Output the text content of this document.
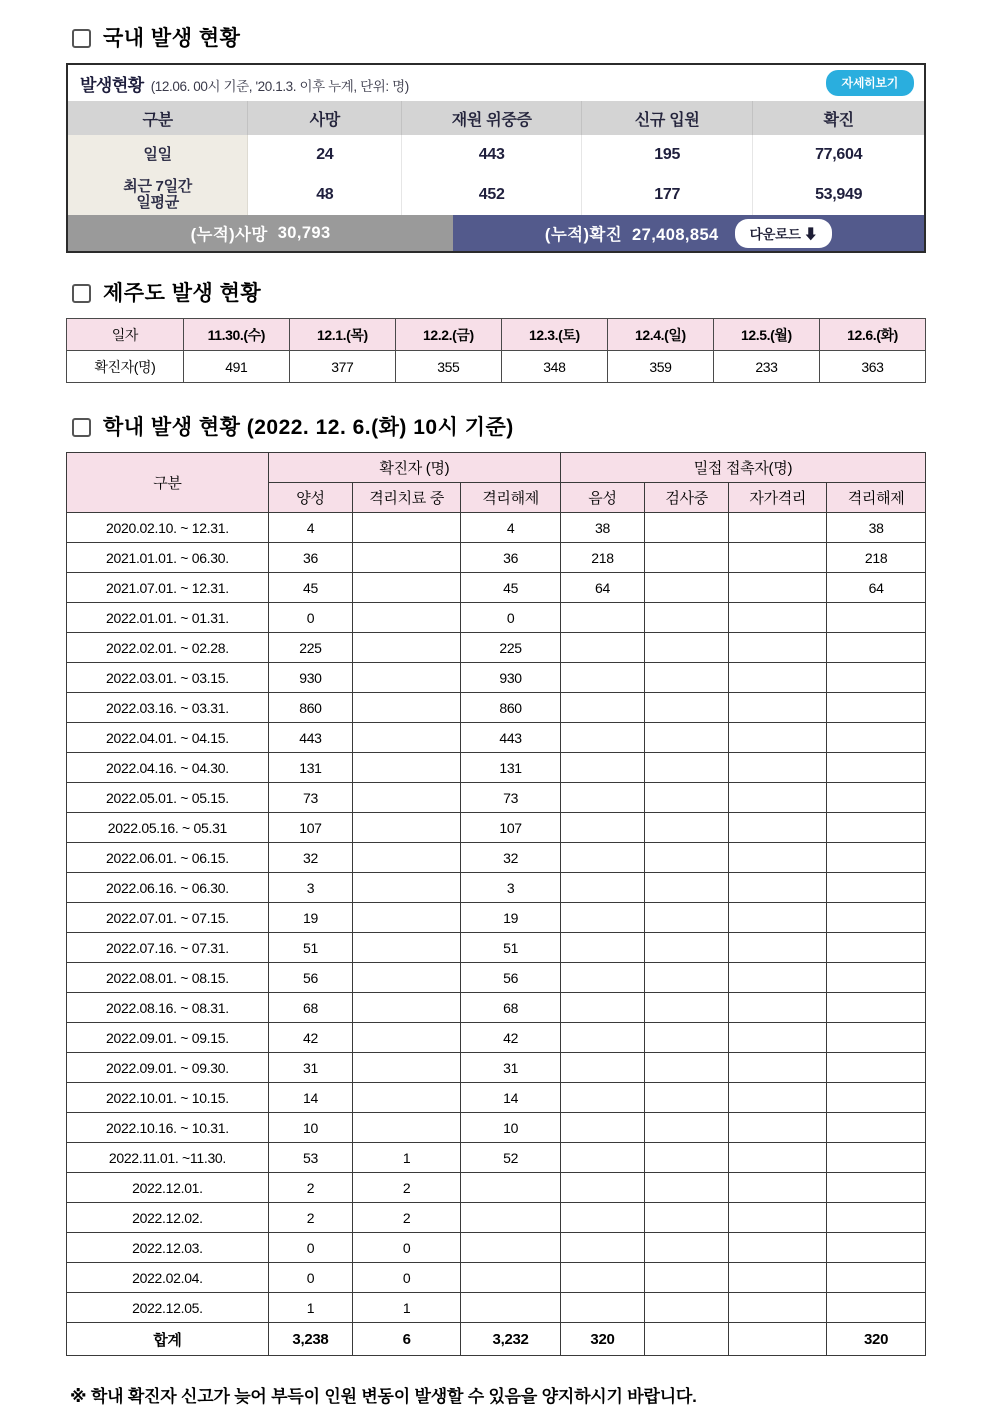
국내 발생 현황
발생현황 (12.06. 00시 기준, '20.1.3. 이후 누계, 단위: 명)	자세히보기
구분	사망	재원 위중증	신규 입원	확진
일일	24	443	195	77,604
최근 7일간
일평균	48	452	177	53,949
(누적)사망
30,793	(누적)확진 27,408,854	다운로드 ⬇
제주도 발생 현황
일자	11.30.(수)	12.1.(목)	12.2.(금)	12.3.(토)	12.4.(일)	12.5.(월)	12.6.(화)
확진자(명)	491	377	355	348	359	233	363
학내 발생 현황 (2022. 12. 6.(화) 10시 기준)
구분	확진자 (명)			밀접 접촉자(명)			
	양성	격리치료 중	격리해제	음성	검사중	자가격리	격리해제
2020.02.10. ~ 12.31.	4		4	38			38
2021.01.01. ~ 06.30.	36		36	218			218
2021.07.01. ~ 12.31.	45		45	64			64
2022.01.01. ~ 01.31.	0		0				
2022.02.01. ~ 02.28.	225		225				
2022.03.01. ~ 03.15.	930		930				
2022.03.16. ~ 03.31.	860		860				
2022.04.01. ~ 04.15.	443		443				
2022.04.16. ~ 04.30.	131		131				
2022.05.01. ~ 05.15.	73		73				
2022.05.16. ~ 05.31	107		107				
2022.06.01. ~ 06.15.	32		32				
2022.06.16. ~ 06.30.	3		3				
2022.07.01. ~ 07.15.	19		19				
2022.07.16. ~ 07.31.	51		51				
2022.08.01. ~ 08.15.	56		56				
2022.08.16. ~ 08.31.	68		68				
2022.09.01. ~ 09.15.	42		42				
2022.09.01. ~ 09.30.	31		31				
2022.10.01. ~ 10.15.	14		14				
2022.10.16. ~ 10.31.	10		10				
2022.11.01. ~11.30.	53	1	52				
2022.12.01.	2	2					
2022.12.02.	2	2					
2022.12.03.	0	0					
2022.02.04.	0	0					
2022.12.05.	1	1					
합계	3,238	6	3,232	320			320
※ 학내 확진자 신고가 늦어 부득이 인원 변동이 발생할 수 있음을 양지하시기 바랍니다.
